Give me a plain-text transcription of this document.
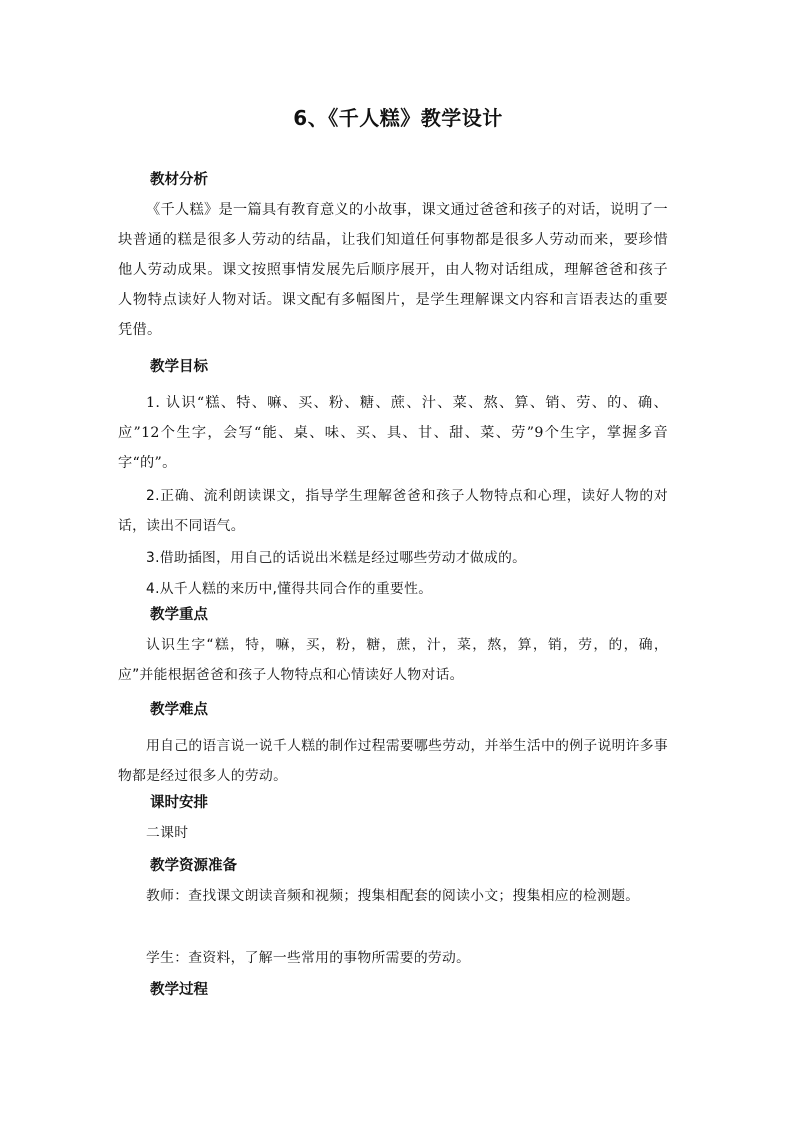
6、《千人糕》教学设计
教材分析

《千人糕》是一篇具有教育意义的小故事，课文通过爸爸和孩子的对话，说明了一块普通的糕是很多人劳动的结晶，让我们知道任何事物都是很多人劳动而来，要珍惜他人劳动成果。课文按照事情发展先后顺序展开，由人物对话组成，理解爸爸和孩子人物特点读好人物对话。课文配有多幅图片，是学生理解课文内容和言语表达的重要凭借。

教学目标

1. 认识“糕、特、嘛、买、粉、糖、蔗、汁、菜、熬、算、销、劳、的、确、应”12个生字，会写“能、桌、味、买、具、甘、甜、菜、劳”9个生字，掌握多音字“的”。

2.正确、流利朗读课文，指导学生理解爸爸和孩子人物特点和心理，读好人物的对话，读出不同语气。

3.借助插图，用自己的话说出米糕是经过哪些劳动才做成的。

4.从千人糕的来历中,懂得共同合作的重要性。

教学重点

认识生字“糕，特，嘛，买，粉，糖，蔗，汁，菜，熬，算，销，劳，的，确，应”并能根据爸爸和孩子人物特点和心情读好人物对话。

教学难点

用自己的语言说一说千人糕的制作过程需要哪些劳动，并举生活中的例子说明许多事物都是经过很多人的劳动。

课时安排

二课时

教学资源准备

教师：查找课文朗读音频和视频；搜集相配套的阅读小文；搜集相应的检测题。

学生：查资料，了解一些常用的事物所需要的劳动。

教学过程
